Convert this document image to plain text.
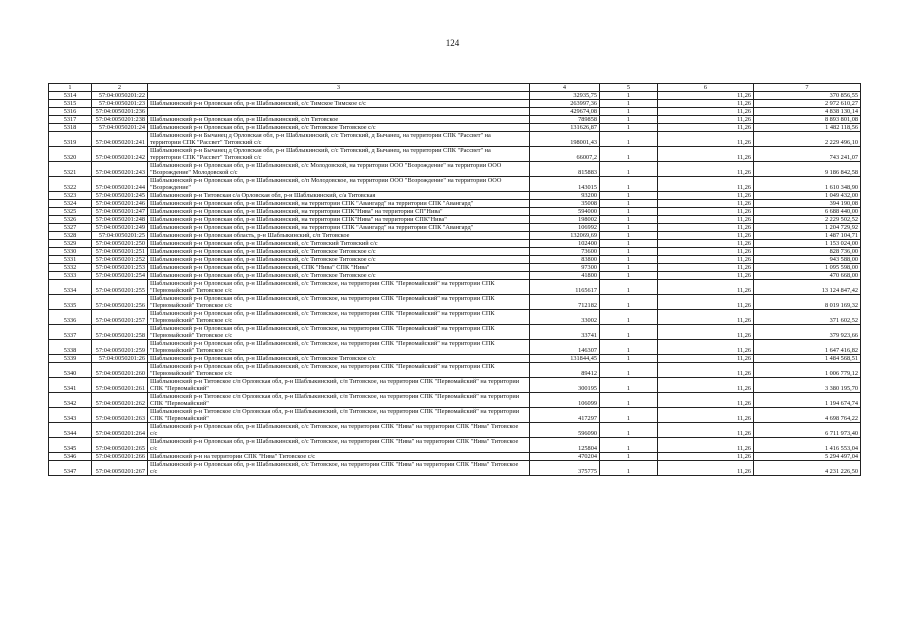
124
1	2	3	4	5	6	7
5314	57:04:0050201:22		32935,75	1	11,26	370 856,55
5315	57:04:0050201:23	Шаблыкинский р-н Орловская обл, р-н Шаблыкинский, с/с Тимское Тимское с/с	263997,36	1	11,26	2 972 610,27
5316	57:04:0050201:236		429674,08	1	11,26	4 838 130,14
5317	57:04:0050201:238	Шаблыкинский р-н Орловская обл, р-н Шаблыкинский, с/п Титовское	789858	1	11,26	8 893 801,08
5318	57:04:0050201:24	Шаблыкинский р-н Орловская обл, р-н Шаблыкинский, с/с Титовское Титовское с/с	131626,87	1	11,26	1 482 118,56
5319	57:04:0050201:241	Шаблыкинский р-н Бычанец д Орловская обл, р-н Шаблыкинский, с/с Титовский, д Бычанец, на территории СПК "Рассвет" на
территории СПК "Рассвет" Титовский с/с	198001,43	1	11,26	2 229 496,10
5320	57:04:0050201:242	Шаблыкинский р-н Бычанец д Орловская обл, р-н Шаблыкинский, с/с Титовский, д Бычанец, на территории СПК "Рассвет" на
территории СПК "Рассвет" Титовский с/с	66007,2	1	11,26	743 241,07
5321	57:04:0050201:243	Шаблыкинский р-н Орловская обл, р-н Шаблыкинский, с/с Молодовской, на территории ООО "Возрождение" на территории ООО
"Возрождение" Молодовской с/с	815883	1	11,26	9 186 842,58
5322	57:04:0050201:244	Шаблыкинский р-н Орловская обл, р-н Шаблыкинский, с/п Молодовское, на территории ООО "Возрождение" на территории ООО
"Возрождение"	143015	1	11,26	1 610 348,90
5323	57:04:0050201:245	Шаблыкинский р-н Титовская с/а Орловская обл, р-н Шаблыкинский, с/а Титовская	93200	1	11,26	1 049 432,00
5324	57:04:0050201:246	Шаблыкинский р-н Орловская обл, р-н Шаблыкинский, на территории СПК "Авангард" на территории СПК "Авангард"	35008	1	11,26	394 190,08
5325	57:04:0050201:247	Шаблыкинский р-н Орловская обл, р-н Шаблыкинский, на территории СПК"Нива" на территории СП"Нива"	594000	1	11,26	6 688 440,00
5326	57:04:0050201:248	Шаблыкинский р-н Орловская обл, р-н Шаблыкинский, на территории СПК"Нива" на территории СПК"Нива"	198002	1	11,26	2 229 502,52
5327	57:04:0050201:249	Шаблыкинский р-н Орловская обл, р-н Шаблыкинский, на территории СПК "Авангард" на территории СПК "Авангард"	106992	1	11,26	1 204 729,92
5328	57:04:0050201:25	Шаблыкинский р-н Орловская область, р-н Шаблыкинский, с/п Титовское	132069,69	1	11,26	1 487 104,71
5329	57:04:0050201:250	Шаблыкинский р-н Орловская обл, р-н Шаблыкинский, с/с Титовский Титовский с/с	102400	1	11,26	1 153 024,00
5330	57:04:0050201:251	Шаблыкинский р-н Орловская обл, р-н Шаблыкинский, с/с Титовское Титовское с/с	73600	1	11,26	828 736,00
5331	57:04:0050201:252	Шаблыкинский р-н Орловская обл, р-н Шаблыкинский, с/с Титовское Титовское с/с	83800	1	11,26	943 588,00
5332	57:04:0050201:253	Шаблыкинский р-н Орловская обл, р-н Шаблыкинский, СПК "Нива" СПК "Нива"	97300	1	11,26	1 095 598,00
5333	57:04:0050201:254	Шаблыкинский р-н Орловская обл, р-н Шаблыкинский, с/с Титовское Титовское с/с	41800	1	11,26	470 668,00
5334	57:04:0050201:255	Шаблыкинский р-н Орловская обл, р-н Шаблыкинский, с/с Титовское, на территории СПК "Первомайский" на территории СПК
"Первомайский" Титовское с/с	1165617	1	11,26	13 124 847,42
5335	57:04:0050201:256	Шаблыкинский р-н Орловская обл, р-н Шаблыкинский, с/с Титовское, на территории СПК "Первомайский" на территории СПК
"Первомайский" Титовское с/с	712182	1	11,26	8 019 169,32
5336	57:04:0050201:257	Шаблыкинский р-н Орловская обл, р-н Шаблыкинский, с/с Титовское, на территории СПК "Первомайский" на территории СПК
"Первомайский" Титовское с/с	33002	1	11,26	371 602,52
5337	57:04:0050201:258	Шаблыкинский р-н Орловская обл, р-н Шаблыкинский, с/с Титовское, на территории СПК "Первомайский" на территории СПК
"Первомайский" Титовское с/с	33741	1	11,26	379 923,66
5338	57:04:0050201:259	Шаблыкинский р-н Орловская обл, р-н Шаблыкинский, с/с Титовское, на территории СПК "Первомайский" на территории СПК
"Первомайский" Титовское с/с	146307	1	11,26	1 647 416,82
5339	57:04:0050201:26	Шаблыкинский р-н Орловская обл, р-н Шаблыкинский, с/с Титовское Титовское с/с	131844,45	1	11,26	1 484 568,51
5340	57:04:0050201:260	Шаблыкинский р-н Орловская обл, р-н Шаблыкинский, с/с Титовское, на территории СПК "Первомайский" на территории СПК
"Первомайский" Титовское с/с	89412	1	11,26	1 006 779,12
5341	57:04:0050201:261	Шаблыкинский р-н Титовское с/п Орловская обл, р-н Шаблыкинский, с/п Титовское, на территории СПК "Первомайский" на территории
СПК "Первомайский"	300195	1	11,26	3 380 195,70
5342	57:04:0050201:262	Шаблыкинский р-н Титовское с/п Орловская обл, р-н Шаблыкинский, с/п Титовское, на территории СПК "Первомайский" на территории
СПК "Первомайский"	106099	1	11,26	1 194 674,74
5343	57:04:0050201:263	Шаблыкинский р-н Титовское с/п Орловская обл, р-н Шаблыкинский, с/п Титовское, на территории СПК "Первомайский" на территории
СПК "Первомайский"	417297	1	11,26	4 698 764,22
5344	57:04:0050201:264	Шаблыкинский р-н Орловская обл, р-н Шаблыкинский, с/с Титовское, на территории СПК "Нива" на территории СПК "Нива" Титовское
с/с	596090	1	11,26	6 711 973,40
5345	57:04:0050201:265	Шаблыкинский р-н Орловская обл, р-н Шаблыкинский, с/с Титовское, на территории СПК "Нива" на территории СПК "Нива" Титовское
с/с	125804	1	11,26	1 416 553,04
5346	57:04:0050201:266	Шаблыкинский р-н на территории СПК "Нива" Титовское с/с	470204	1	11,26	5 294 497,04
5347	57:04:0050201:267	Шаблыкинский р-н Орловская обл, р-н Шаблыкинский, с/с Титовское, на территории СПК "Нива" на территории СПК "Нива" Титовское
с/с	375775	1	11,26	4 231 226,50
